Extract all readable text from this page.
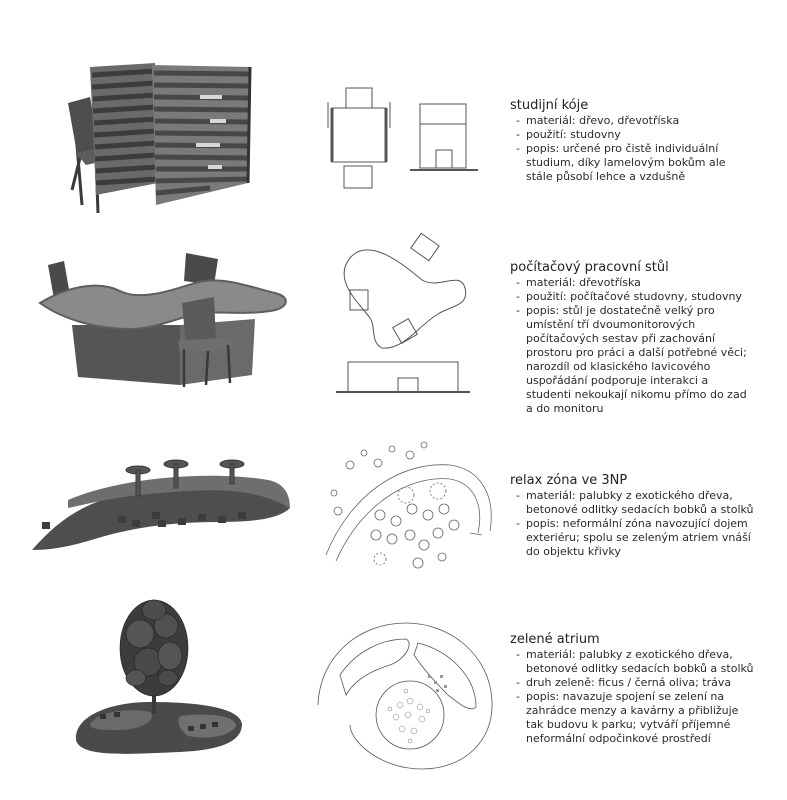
studijní kóje
- materiál: dřevo, dřevotříska
- použití: studovny
- popis: určené pro čistě individuální studium, díky lamelovým bokům ale stále působí lehce a vzdušně
počítačový pracovní stůl
- materiál: dřevotříska
- použití: počítačové studovny, studovny
- popis: stůl je dostatečně velký pro umístění tří dvoumonitorových počítačových sestav při zachování prostoru pro práci a další potřebné věci; narozdíl od klasického lavicového uspořádání podporuje interakci a studenti nekoukají nikomu přímo do zad a do monitoru
relax zóna ve 3NP
- materiál: palubky z exotického dřeva, betonové odlitky sedacích bobků a stolků
- popis: neformální zóna navozující dojem exteriéru; spolu se zeleným atriem vnáší do objektu křivky
zelené atrium
- materiál: palubky z exotického dřeva, betonové odlitky sedacích bobků a stolků
- druh zeleně: ficus / černá oliva; tráva
- popis: navazuje spojení se zelení na zahrádce menzy a kavárny a přibližuje tak budovu k parku; vytváří příjemné neformální odpočinkové prostředí
